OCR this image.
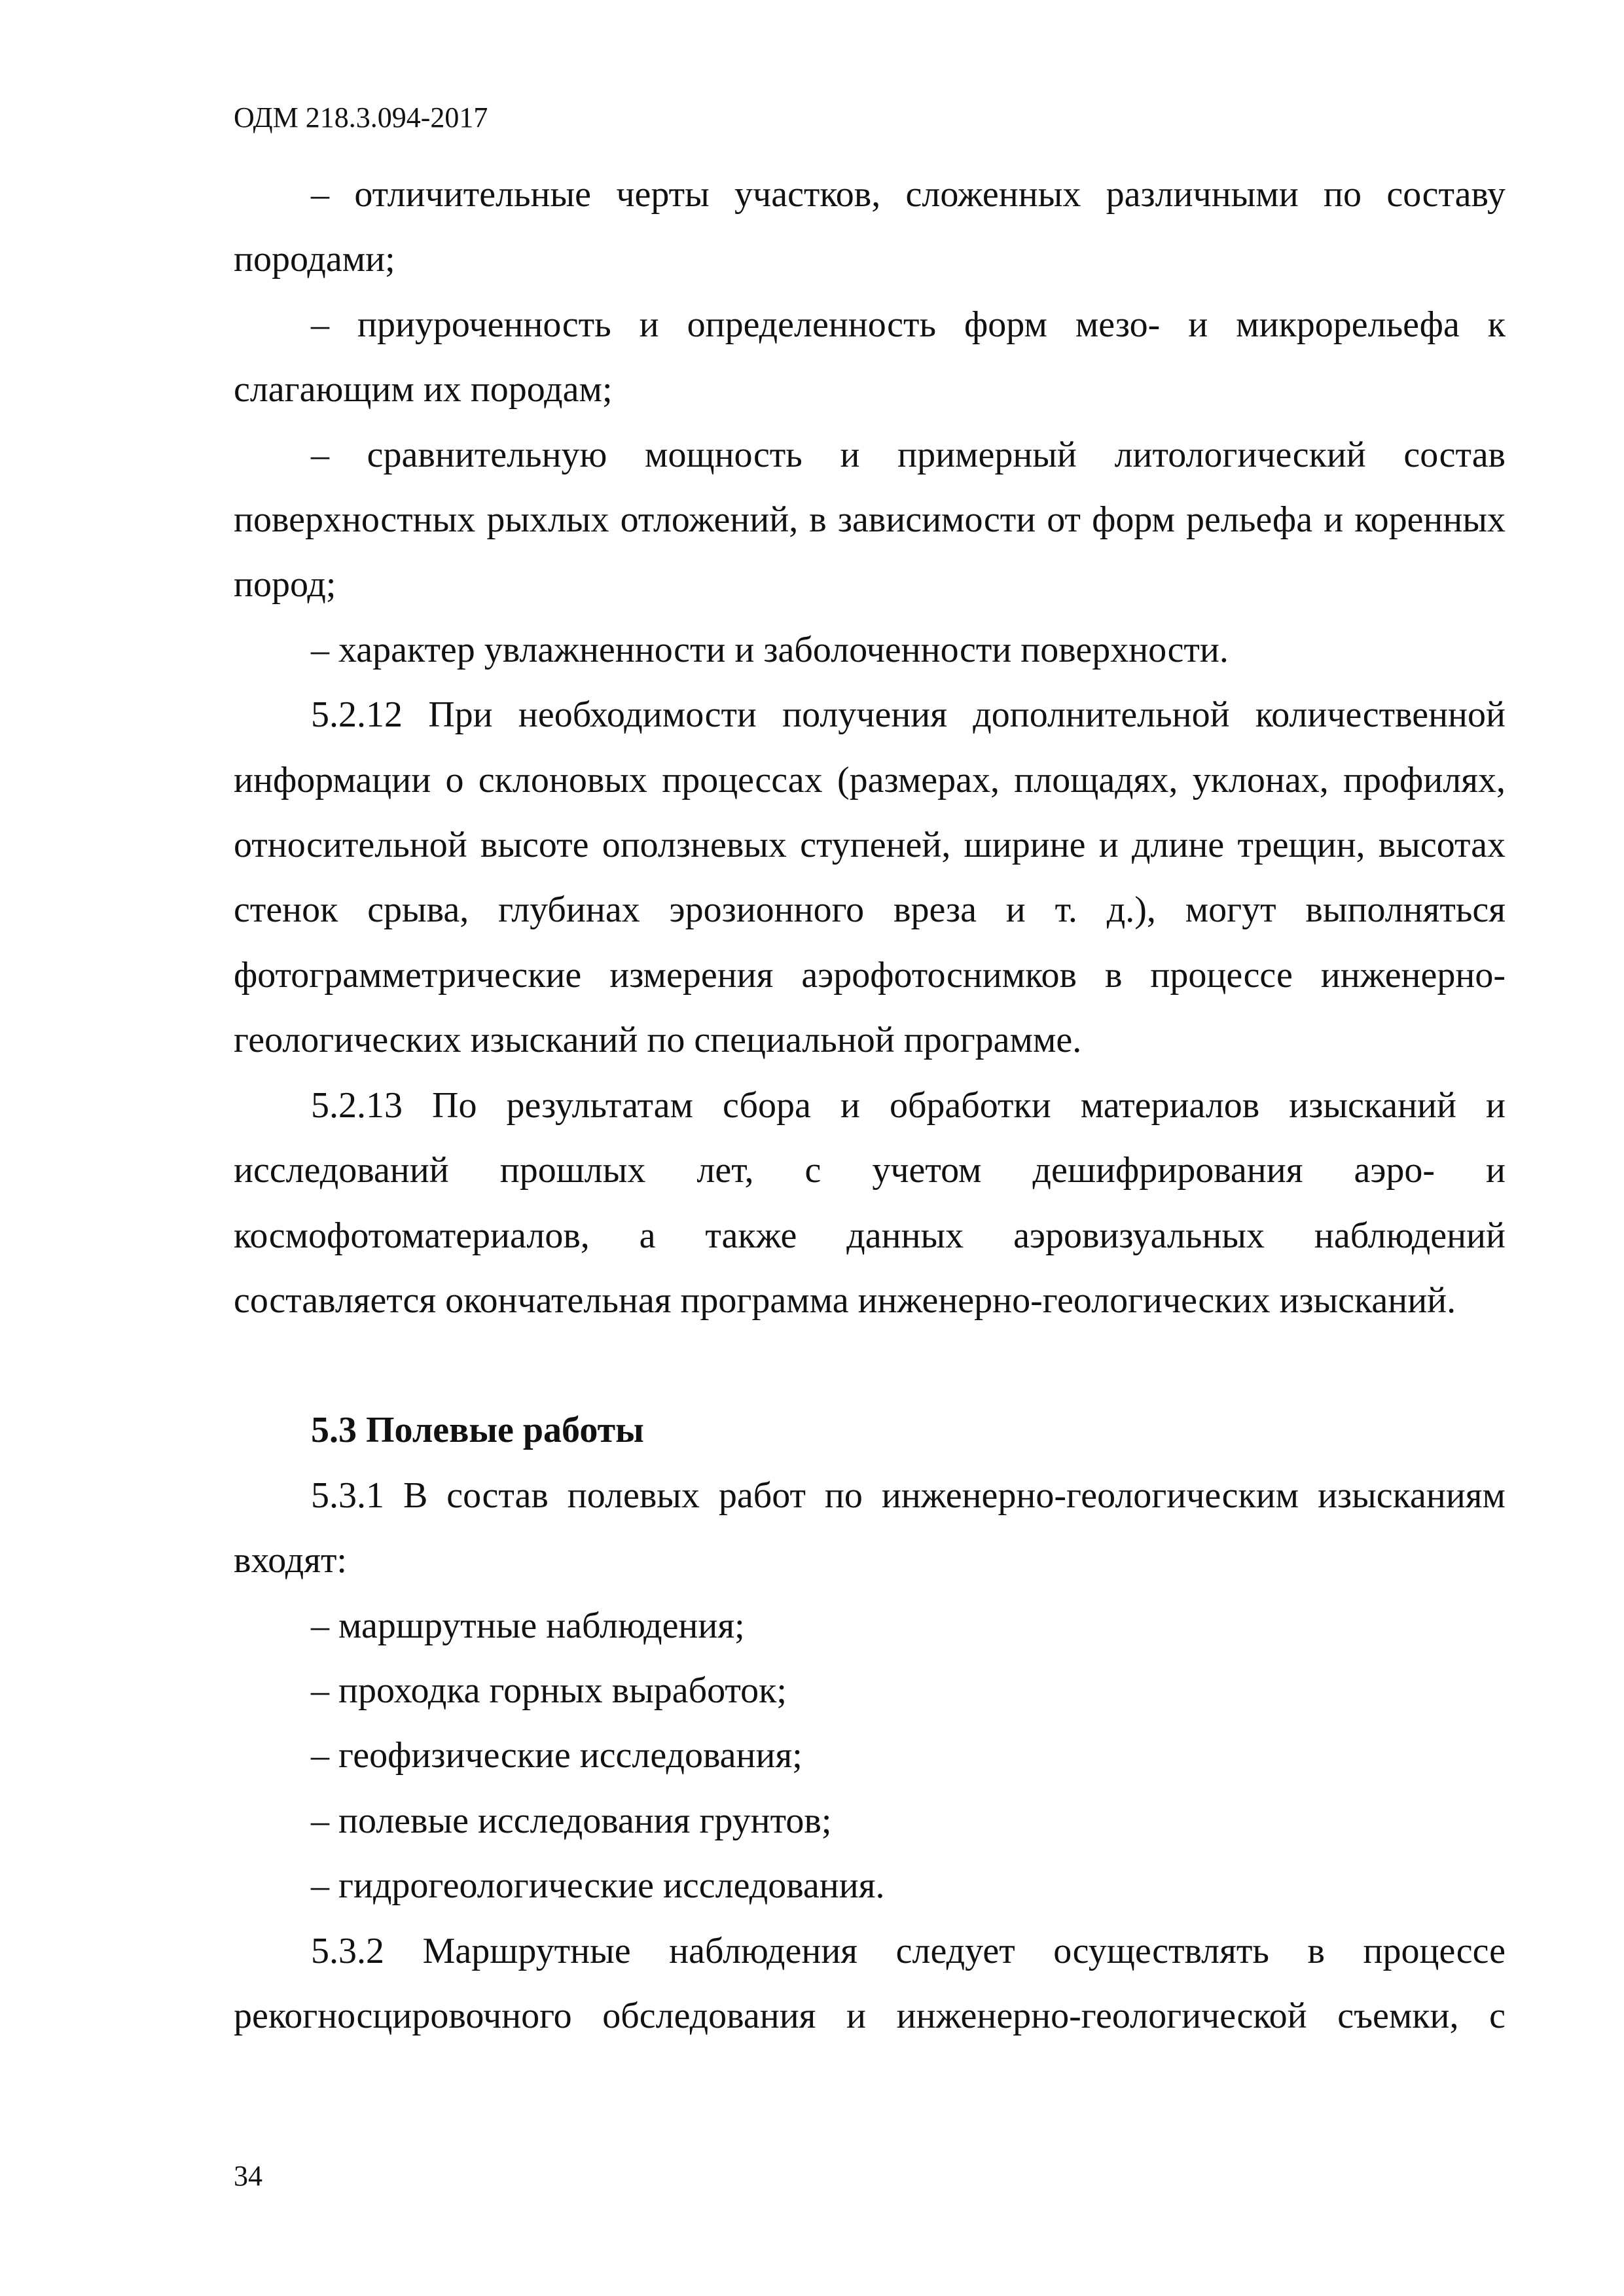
ОДМ 218.3.094-2017

– отличительные черты участков, сложенных различными по составу породами;

– приуроченность и определенность форм мезо- и микрорельефа к слагающим их породам;

– сравнительную мощность и примерный литологический состав поверхностных рыхлых отложений, в зависимости от форм рельефа и коренных пород;

– характер увлажненности и заболоченности поверхности.

5.2.12 При необходимости получения дополнительной количественной информации о склоновых процессах (размерах, площадях, уклонах, профилях, относительной высоте оползневых ступеней, ширине и длине трещин, высотах стенок срыва, глубинах эрозионного вреза и т. д.), могут выполняться фотограмметрические измерения аэрофотоснимков в процессе инженерно-геологических изысканий по специальной программе.

5.2.13 По результатам сбора и обработки материалов изысканий и исследований прошлых лет, с учетом дешифрирования аэро- и космофотоматериалов, а также данных аэровизуальных наблюдений составляется окончательная программа инженерно-геологических изысканий.

5.3 Полевые работы

5.3.1 В состав полевых работ по инженерно-геологическим изысканиям входят:

– маршрутные наблюдения;

– проходка горных выработок;

– геофизические исследования;

– полевые исследования грунтов;

– гидрогеологические исследования.

5.3.2 Маршрутные наблюдения следует осуществлять в процессе рекогносцировочного обследования и инженерно-геологической съемки, с

34
